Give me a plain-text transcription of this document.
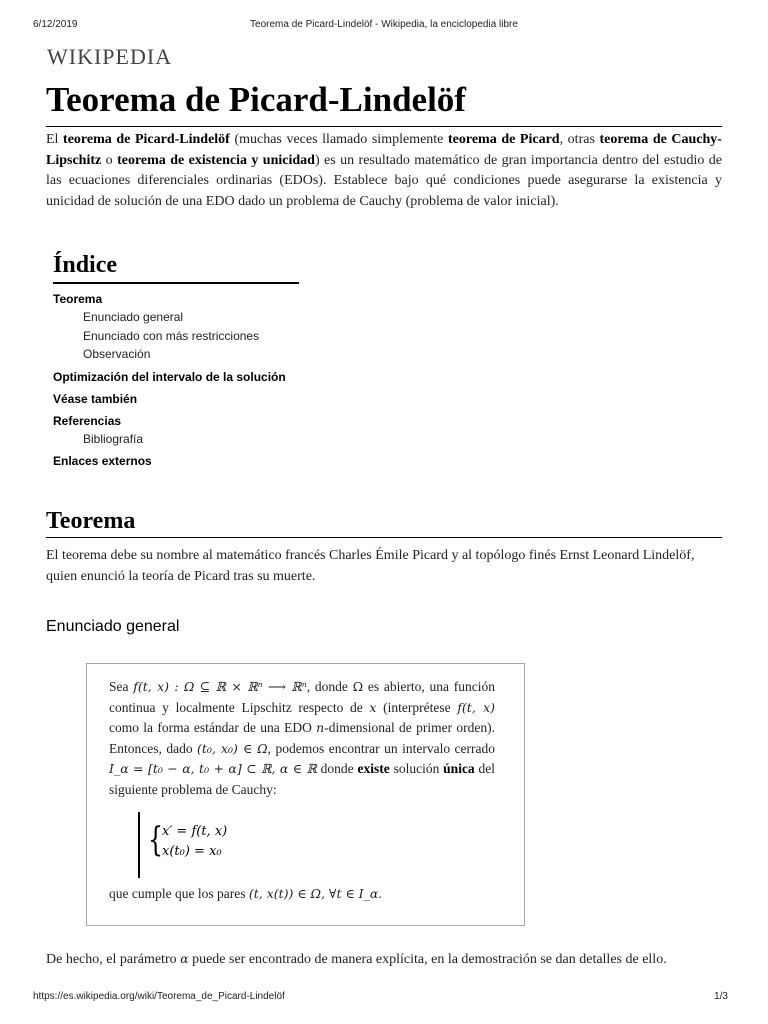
6/12/2019	Teorema de Picard-Lindelöf - Wikipedia, la enciclopedia libre
WIKIPEDIA
Teorema de Picard-Lindelöf

El teorema de Picard-Lindelöf (muchas veces llamado simplemente teorema de Picard, otras teorema de Cauchy-Lipschitz o teorema de existencia y unicidad) es un resultado matemático de gran importancia dentro del estudio de las ecuaciones diferenciales ordinarias (EDOs). Establece bajo qué condiciones puede asegurarse la existencia y unicidad de solución de una EDO dado un problema de Cauchy (problema de valor inicial).

Índice
Teorema
Enunciado general
Enunciado con más restricciones
Observación
Optimización del intervalo de la solución
Véase también
Referencias
Bibliografía
Enlaces externos
Teorema

El teorema debe su nombre al matemático francés Charles Émile Picard y al topólogo finés Ernst Leonard Lindelöf, quien enunció la teoría de Picard tras su muerte.

Enunciado general

Sea f(t, x) : Ω ⊆ ℝ × ℝⁿ ⟶ ℝⁿ, donde Ω es abierto, una función continua y localmente Lipschitz respecto de x (interprétese f(t, x) como la forma estándar de una EDO n-dimensional de primer orden). Entonces, dado (t₀, x₀) ∈ Ω, podemos encontrar un intervalo cerrado I_α = [t₀ − α, t₀ + α] ⊂ ℝ, α ∈ ℝ donde existe solución única del siguiente problema de Cauchy:

{
x′ = f(t, x)
x(t₀) = x₀

que cumple que los pares (t, x(t)) ∈ Ω, ∀t ∈ I_α.

De hecho, el parámetro α puede ser encontrado de manera explícita, en la demostración se dan detalles de ello.

https://es.wikipedia.org/wiki/Teorema_de_Picard-Lindelöf	1/3
